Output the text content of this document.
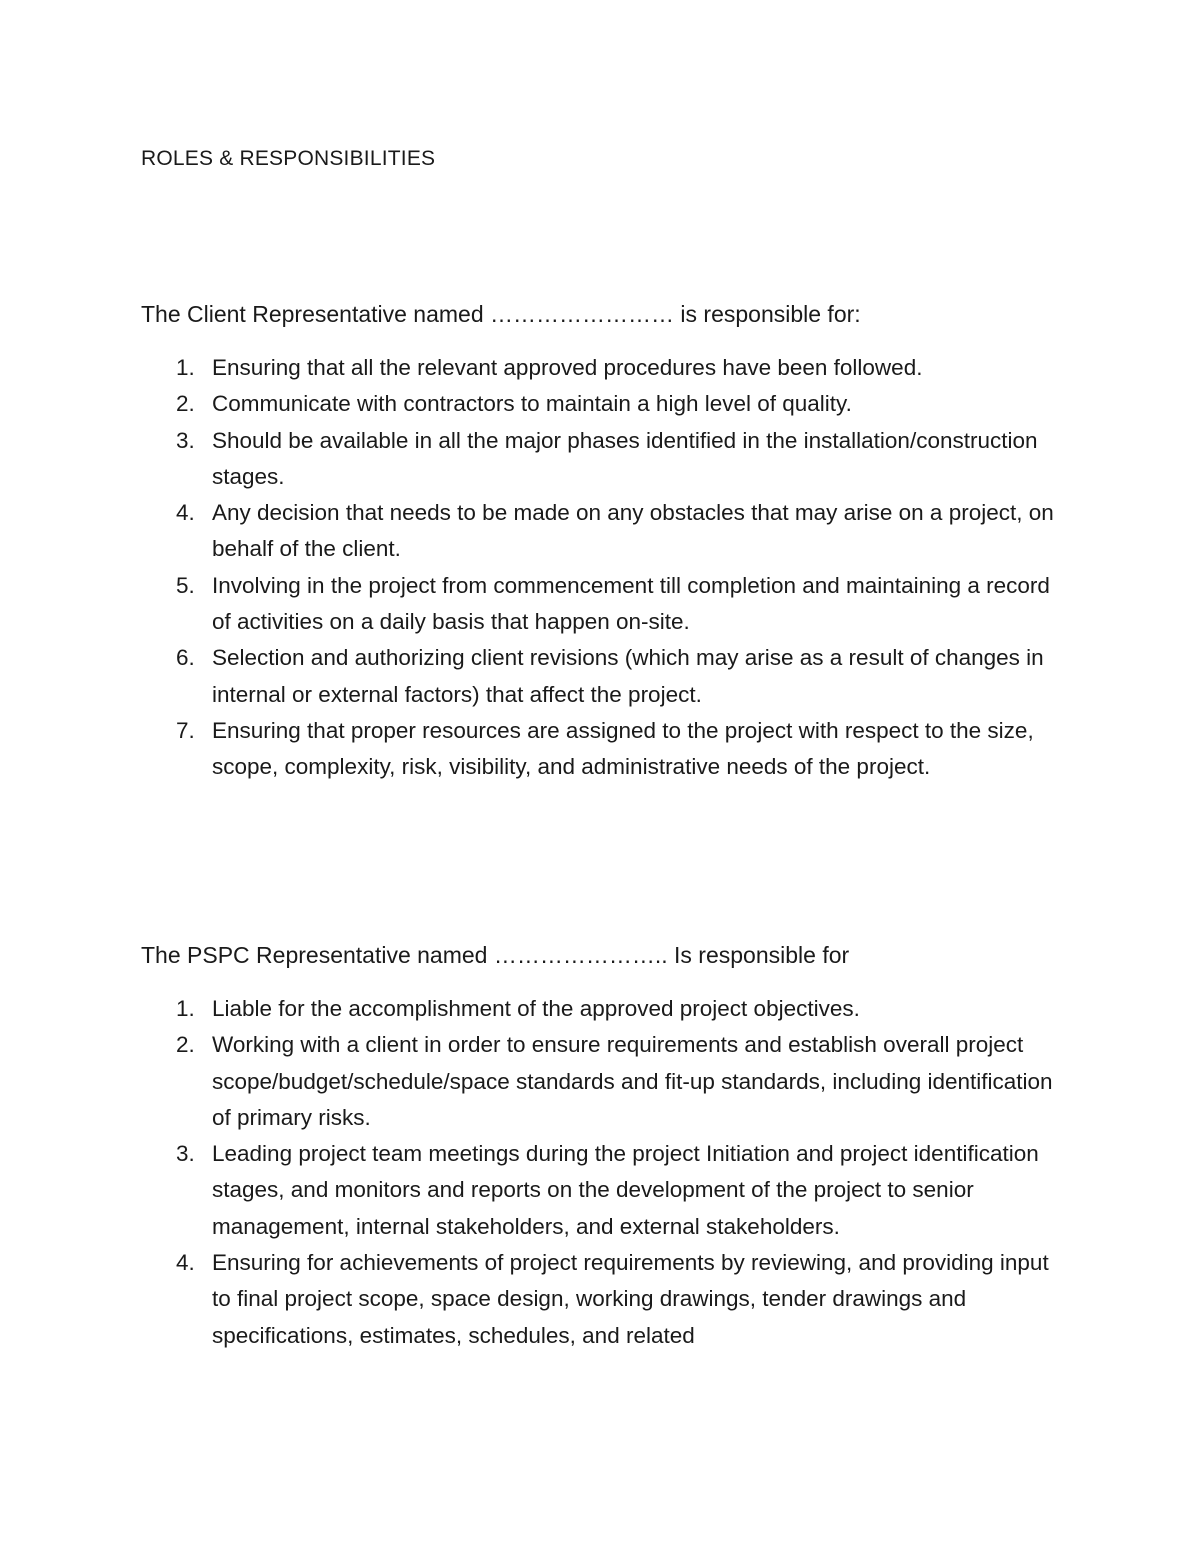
ROLES & RESPONSIBILITIES
The Client Representative named …………………… is responsible for:
1. Ensuring that all the relevant approved procedures have been followed.
2. Communicate with contractors to maintain a high level of quality.
3. Should be available in all the major phases identified in the installation/construction stages.
4. Any decision that needs to be made on any obstacles that may arise on a project, on behalf of the client.
5. Involving in the project from commencement till completion and maintaining a record of activities on a daily basis that happen on-site.
6. Selection and authorizing client revisions (which may arise as a result of changes in internal or external factors) that affect the project.
7. Ensuring that proper resources are assigned to the project with respect to the size, scope, complexity, risk, visibility, and administrative needs of the project.
The PSPC Representative named ………………….. Is responsible for
1. Liable for the accomplishment of the approved project objectives.
2. Working with a client in order to ensure requirements and establish overall project scope/budget/schedule/space standards and fit-up standards, including identification of primary risks.
3. Leading project team meetings during the project Initiation and project identification stages, and monitors and reports on the development of the project to senior management, internal stakeholders, and external stakeholders.
4. Ensuring for achievements of project requirements by reviewing, and providing input to final project scope, space design, working drawings, tender drawings and specifications, estimates, schedules, and related
